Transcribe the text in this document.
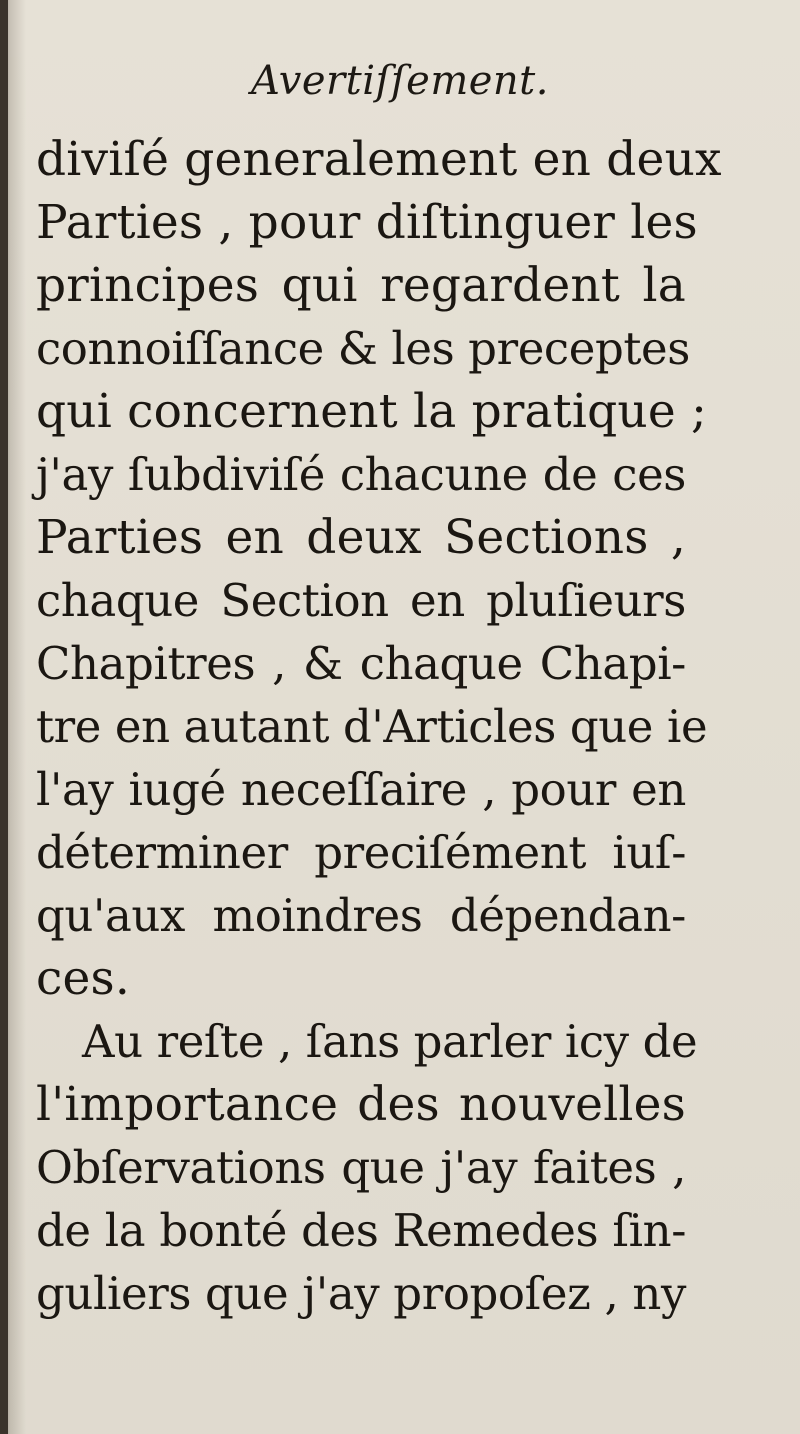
Avertiſſement.
diviſé generalement en deux
Parties , pour diſtinguer les
principes qui regardent la
connoiſſance & les preceptes
qui concernent la pratique ;
j'ay ſubdiviſé chacune de ces
Parties en deux Sections ,
chaque Section en pluſieurs
Chapitres , & chaque Chapi-
tre en autant d'Articles que ie
l'ay iugé neceſſaire , pour en
déterminer preciſément iuſ-
qu'aux moindres dépendan-
ces.
Au reſte , ſans parler icy de
l'importance des nouvelles
Obſervations que j'ay faites ,
de la bonté des Remedes ſin-
guliers que j'ay propoſez , ny
